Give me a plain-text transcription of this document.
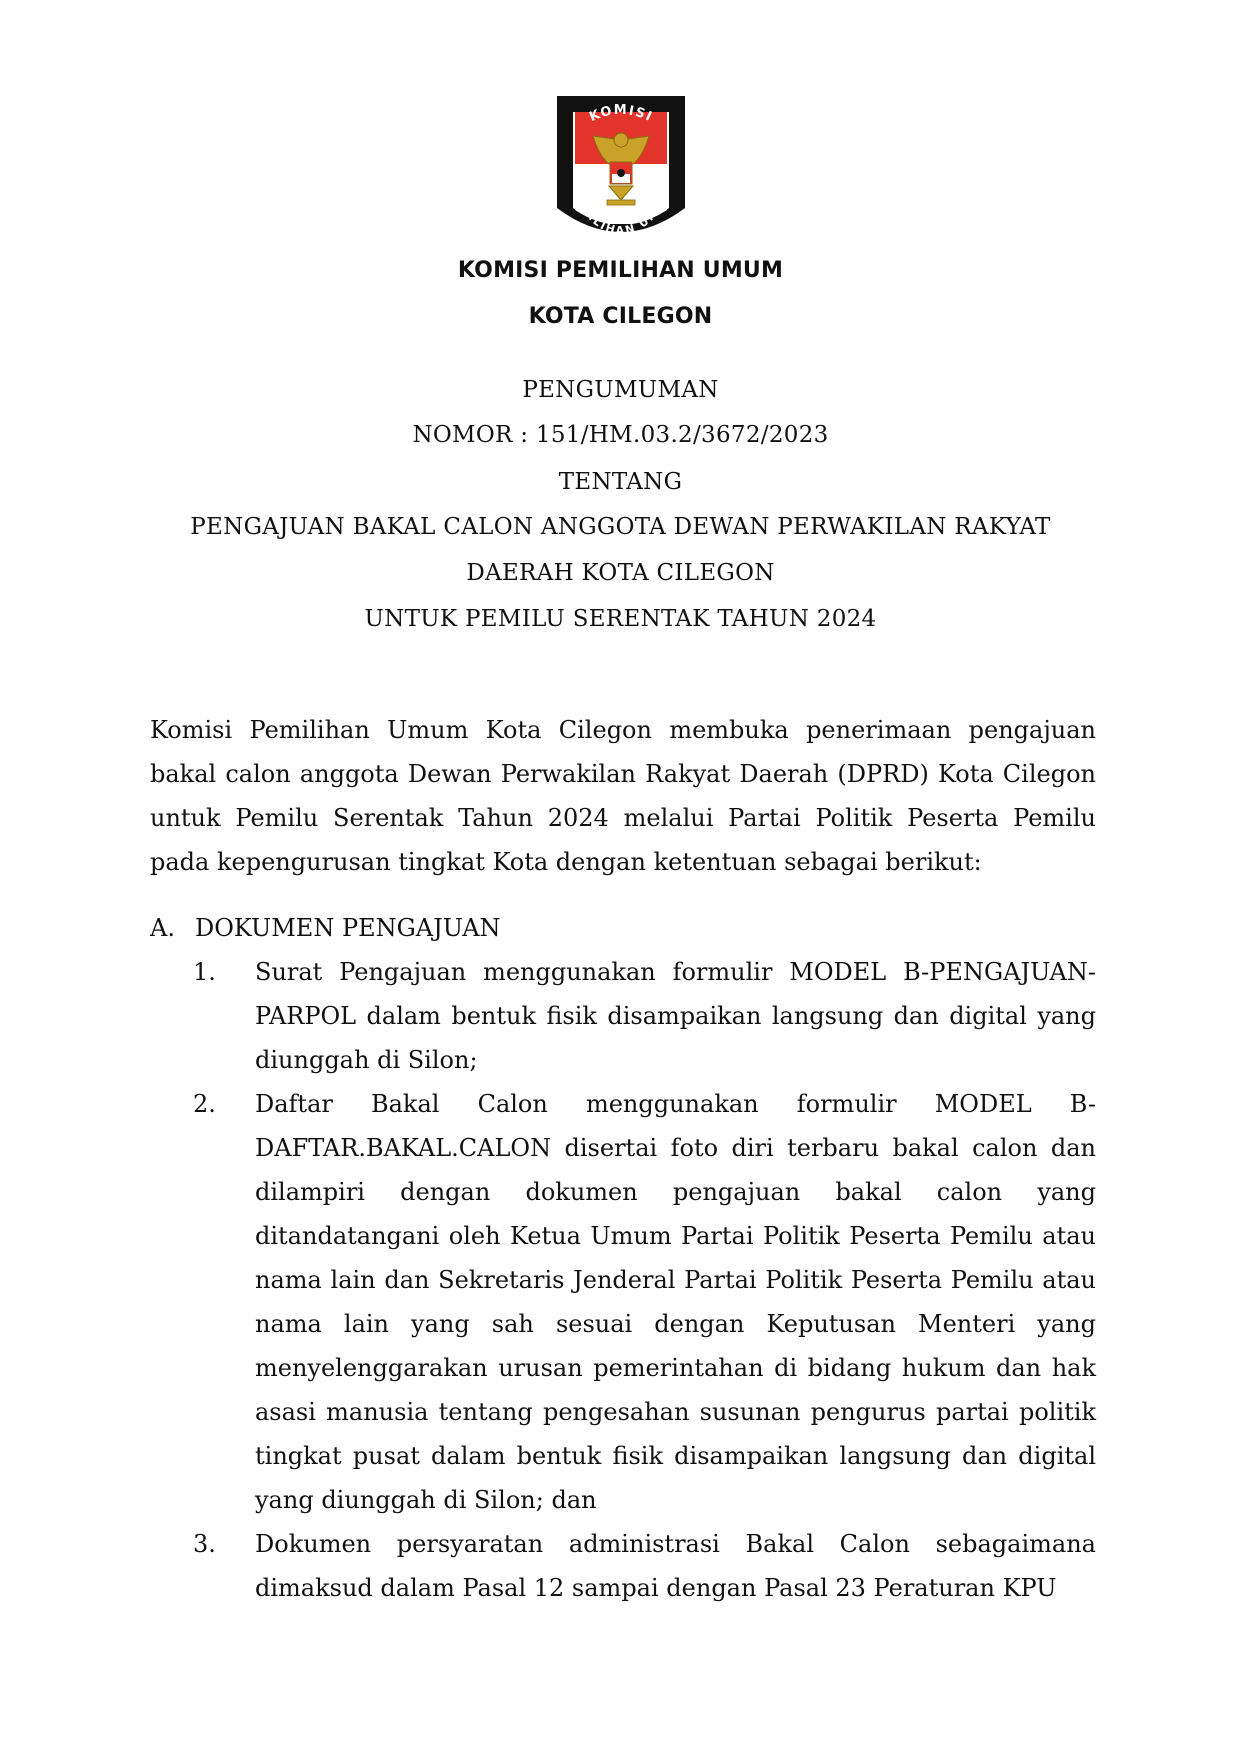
KOMISI
PEMILIHAN UMUM
KOMISI PEMILIHAN UMUM
KOTA CILEGON
PENGUMUMAN
NOMOR : 151/HM.03.2/3672/2023
TENTANG
PENGAJUAN BAKAL CALON ANGGOTA DEWAN PERWAKILAN RAKYAT
DAERAH KOTA CILEGON
UNTUK PEMILU SERENTAK TAHUN 2024
Komisi Pemilihan Umum Kota Cilegon membuka penerimaan pengajuan bakal calon anggota Dewan Perwakilan Rakyat Daerah (DPRD) Kota Cilegon untuk Pemilu Serentak Tahun 2024 melalui Partai Politik Peserta Pemilu pada kepengurusan tingkat Kota dengan ketentuan sebagai berikut:
A. DOKUMEN PENGAJUAN
1.	Surat Pengajuan menggunakan formulir MODEL B-PENGAJUAN-PARPOL dalam bentuk fisik disampaikan langsung dan digital yang diunggah di Silon;
2.	Daftar Bakal Calon menggunakan formulir MODEL B-DAFTAR.BAKAL.CALON disertai foto diri terbaru bakal calon dan dilampiri dengan dokumen pengajuan bakal calon yang ditandatangani oleh Ketua Umum Partai Politik Peserta Pemilu atau nama lain dan Sekretaris Jenderal Partai Politik Peserta Pemilu atau nama lain yang sah sesuai dengan Keputusan Menteri yang menyelenggarakan urusan pemerintahan di bidang hukum dan hak asasi manusia tentang pengesahan susunan pengurus partai politik tingkat pusat dalam bentuk fisik disampaikan langsung dan digital yang diunggah di Silon; dan
3.	Dokumen persyaratan administrasi Bakal Calon sebagaimana dimaksud dalam Pasal 12 sampai dengan Pasal 23 Peraturan KPU
